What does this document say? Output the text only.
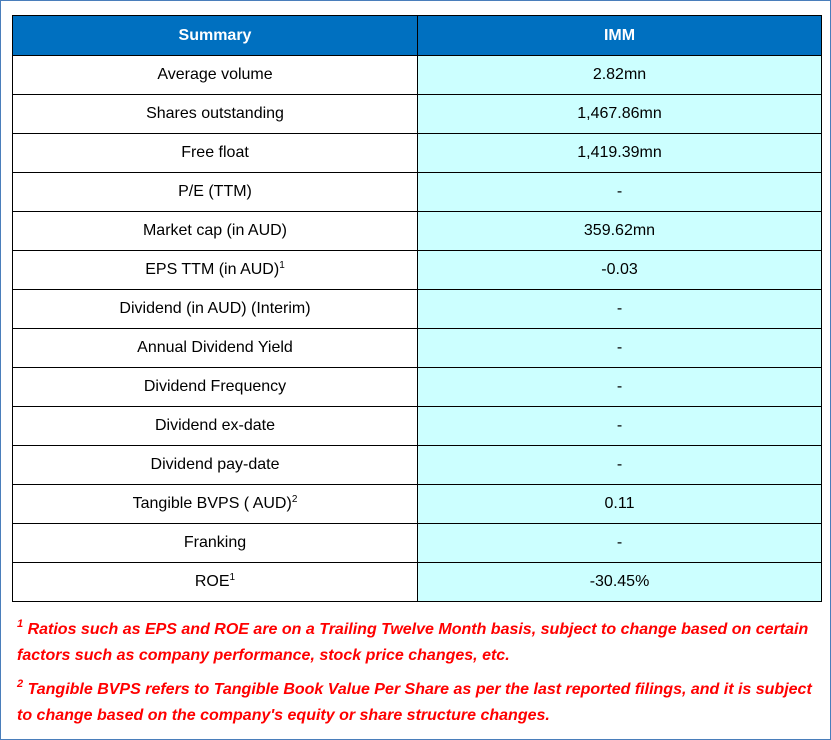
Summary	IMM
Average volume	2.82mn
Shares outstanding	1,467.86mn
Free float	1,419.39mn
P/E (TTM)	-
Market cap (in AUD)	359.62mn
EPS TTM (in AUD)$^1$	-0.03
Dividend (in AUD) (Interim)	-
Annual Dividend Yield	-
Dividend Frequency	-
Dividend ex-date	-
Dividend pay-date	-
Tangible BVPS ( AUD)$^2$	0.11
Franking	-
ROE$^1$	-30.45%

$^1$ Ratios such as EPS and ROE are on a Trailing Twelve Month basis, subject to change based on certain factors such as company performance, stock price changes, etc.

$^2$ Tangible BVPS refers to Tangible Book Value Per Share as per the last reported filings, and it is subject to change based on the company's equity or share structure changes.
